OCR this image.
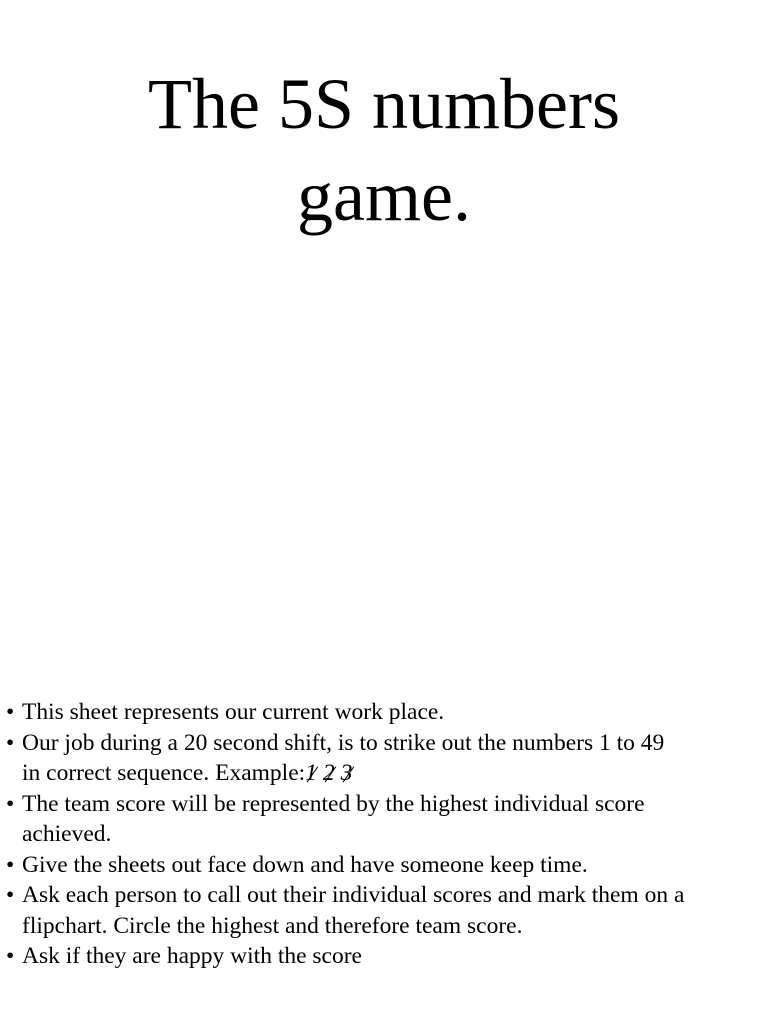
The 5S numbers
game.
• This sheet represents our current work place.
• Our job during a 20 second shift, is to strike out the numbers 1 to 49
in correct sequence. Example:1 2 3
• The team score will be represented by the highest individual score
achieved.
• Give the sheets out face down and have someone keep time.
• Ask each person to call out their individual scores and mark them on a
flipchart. Circle the highest and therefore team score.
• Ask if they are happy with the score
